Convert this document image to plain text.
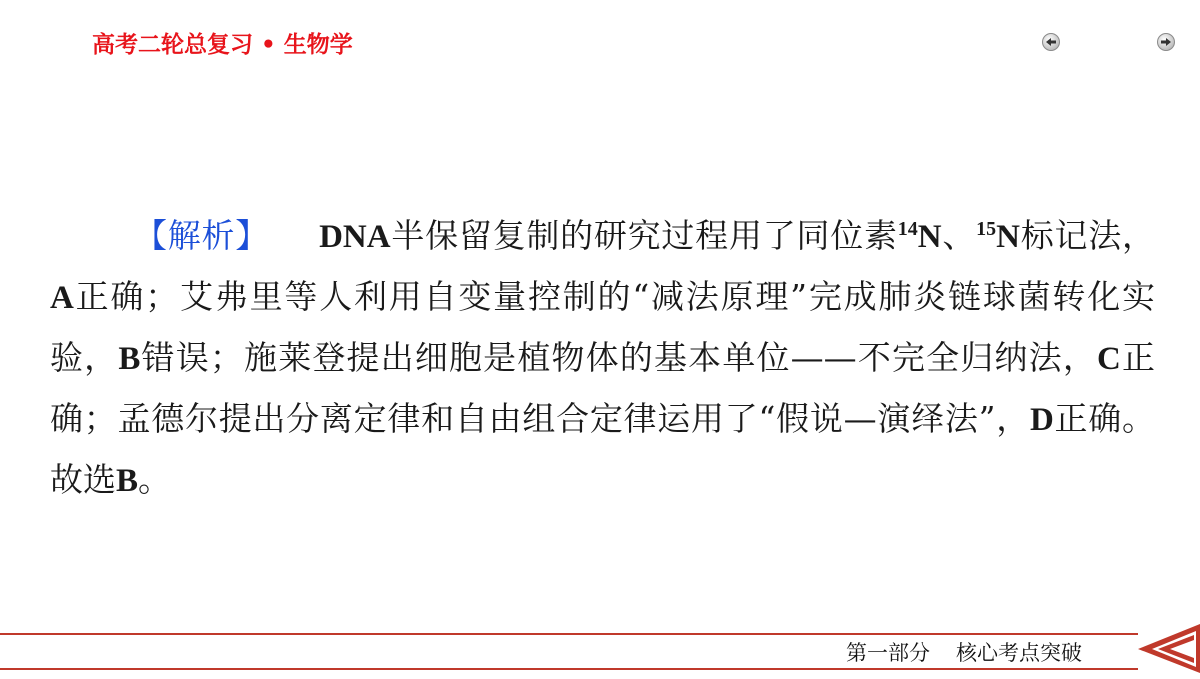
高考二轮总复习 • 生物学

【解析】 DNA半保留复制的研究过程用了同位素$^{14}$N、$^{15}$N标记法，A正确；艾弗里等人利用自变量控制的“减法原理”完成肺炎链球菌转化实验，B错误；施莱登提出细胞是植物体的基本单位——不完全归纳法，C正确；孟德尔提出分离定律和自由组合定律运用了“假说—演绎法”，D正确。故选B。

第一部分 核心考点突破
